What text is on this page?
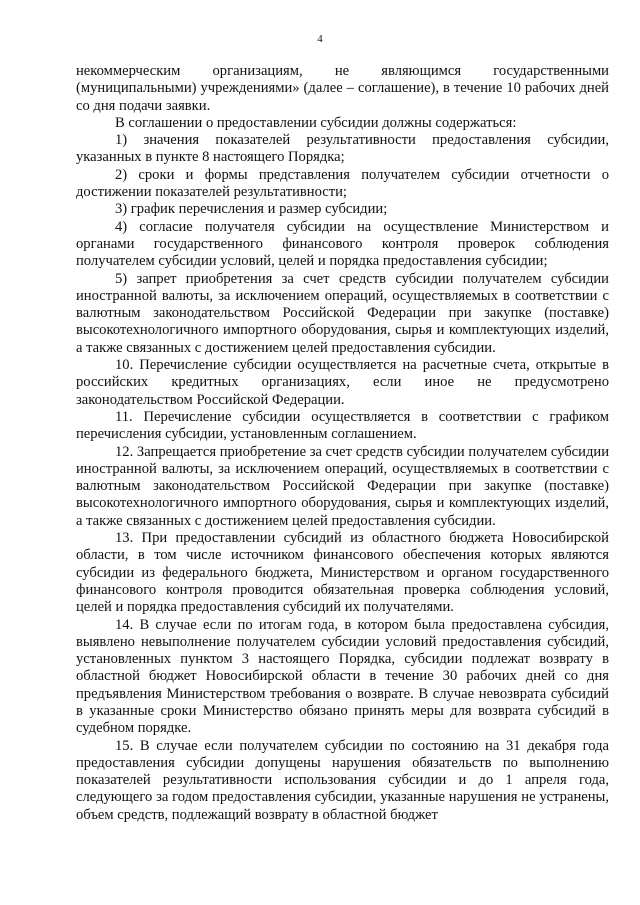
4

некоммерческим организациям, не являющимся государственными (муниципальными) учреждениями» (далее – соглашение), в течение 10 рабочих дней со дня подачи заявки.

В соглашении о предоставлении субсидии должны содержаться:

1) значения показателей результативности предоставления субсидии, указанных в пункте 8 настоящего Порядка;

2) сроки и формы представления получателем субсидии отчетности о достижении показателей результативности;

3) график перечисления и размер субсидии;

4) согласие получателя субсидии на осуществление Министерством и органами государственного финансового контроля проверок соблюдения получателем субсидии условий, целей и порядка предоставления субсидии;

5) запрет приобретения за счет средств субсидии получателем субсидии иностранной валюты, за исключением операций, осуществляемых в соответствии с валютным законодательством Российской Федерации при закупке (поставке) высокотехнологичного импортного оборудования, сырья и комплектующих изделий, а также связанных с достижением целей предоставления субсидии.

10. Перечисление субсидии осуществляется на расчетные счета, открытые в российских кредитных организациях, если иное не предусмотрено законодательством Российской Федерации.

11. Перечисление субсидии осуществляется в соответствии с графиком перечисления субсидии, установленным соглашением.

12. Запрещается приобретение за счет средств субсидии получателем субсидии иностранной валюты, за исключением операций, осуществляемых в соответствии с валютным законодательством Российской Федерации при закупке (поставке) высокотехнологичного импортного оборудования, сырья и комплектующих изделий, а также связанных с достижением целей предоставления субсидии.

13. При предоставлении субсидий из областного бюджета Новосибирской области, в том числе источником финансового обеспечения которых являются субсидии из федерального бюджета, Министерством и органом государственного финансового контроля проводится обязательная проверка соблюдения условий, целей и порядка предоставления субсидий их получателями.

14. В случае если по итогам года, в котором была предоставлена субсидия, выявлено невыполнение получателем субсидии условий предоставления субсидий, установленных пунктом 3 настоящего Порядка, субсидии подлежат возврату в областной бюджет Новосибирской области в течение 30 рабочих дней со дня предъявления Министерством требования о возврате. В случае невозврата субсидий в указанные сроки Министерство обязано принять меры для возврата субсидий в судебном порядке.

15. В случае если получателем субсидии по состоянию на 31 декабря года предоставления субсидии допущены нарушения обязательств по выполнению показателей результативности использования субсидии и до 1 апреля года, следующего за годом предоставления субсидии, указанные нарушения не устранены, объем средств, подлежащий возврату в областной бюджет
